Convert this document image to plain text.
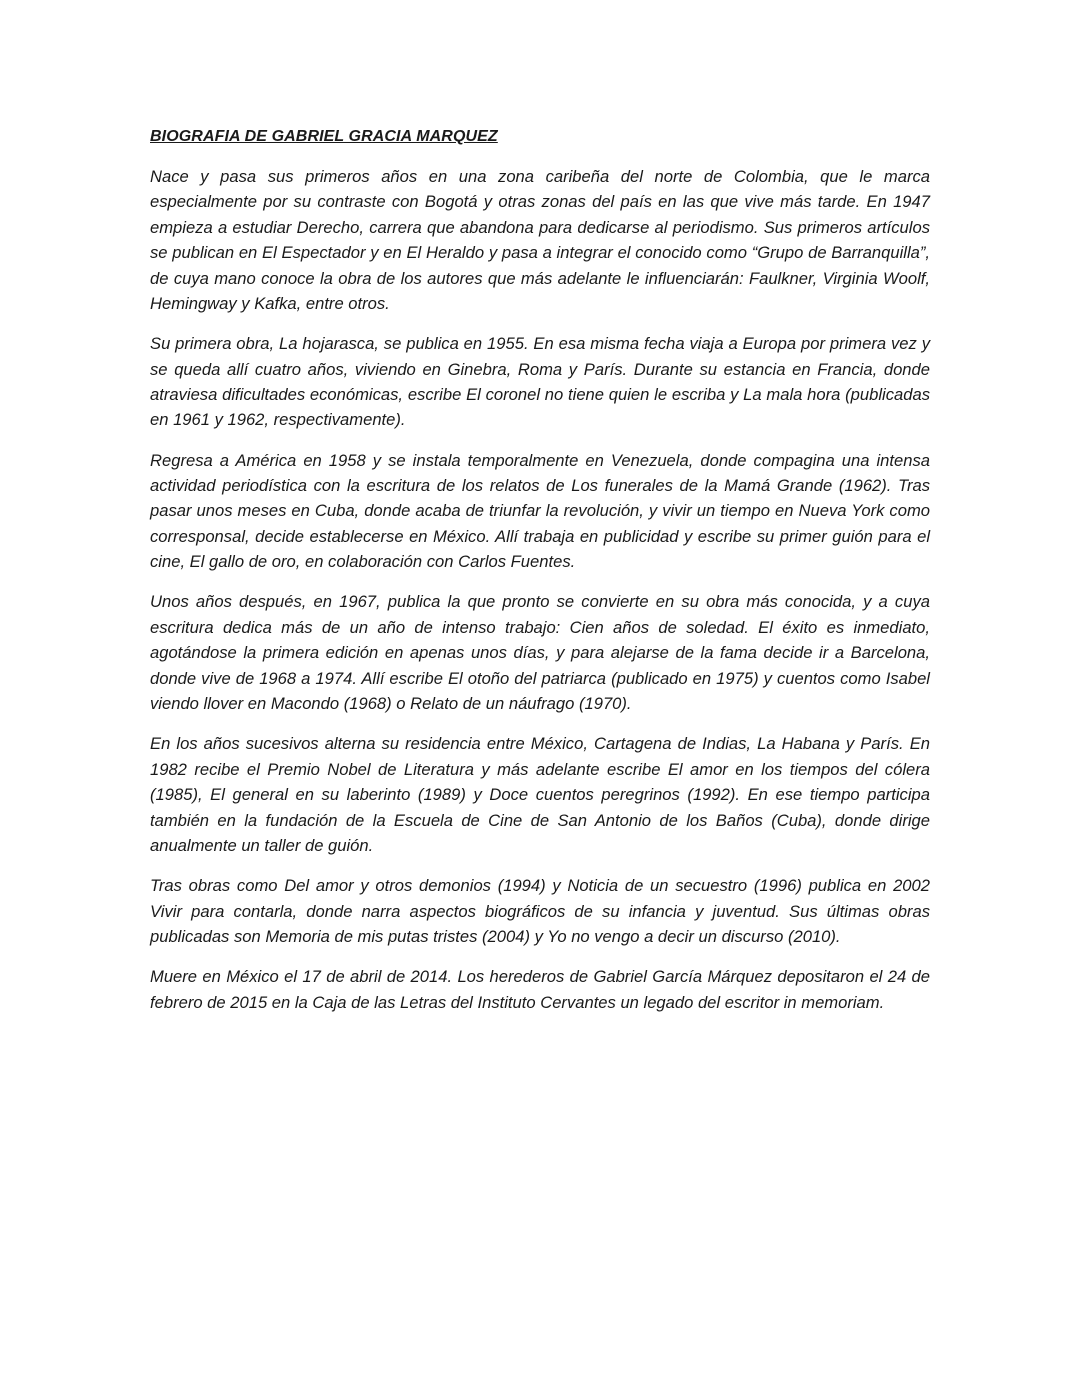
BIOGRAFIA DE GABRIEL GRACIA MARQUEZ

Nace y pasa sus primeros años en una zona caribeña del norte de Colombia, que le marca especialmente por su contraste con Bogotá y otras zonas del país en las que vive más tarde. En 1947 empieza a estudiar Derecho, carrera que abandona para dedicarse al periodismo. Sus primeros artículos se publican en El Espectador y en El Heraldo y pasa a integrar el conocido como “Grupo de Barranquilla”, de cuya mano conoce la obra de los autores que más adelante le influenciarán: Faulkner, Virginia Woolf, Hemingway y Kafka, entre otros.

Su primera obra, La hojarasca, se publica en 1955. En esa misma fecha viaja a Europa por primera vez y se queda allí cuatro años, viviendo en Ginebra, Roma y París. Durante su estancia en Francia, donde atraviesa dificultades económicas, escribe El coronel no tiene quien le escriba y La mala hora (publicadas en 1961 y 1962, respectivamente).

Regresa a América en 1958 y se instala temporalmente en Venezuela, donde compagina una intensa actividad periodística con la escritura de los relatos de Los funerales de la Mamá Grande (1962). Tras pasar unos meses en Cuba, donde acaba de triunfar la revolución, y vivir un tiempo en Nueva York como corresponsal, decide establecerse en México. Allí trabaja en publicidad y escribe su primer guión para el cine, El gallo de oro, en colaboración con Carlos Fuentes.

Unos años después, en 1967, publica la que pronto se convierte en su obra más conocida, y a cuya escritura dedica más de un año de intenso trabajo: Cien años de soledad. El éxito es inmediato, agotándose la primera edición en apenas unos días, y para alejarse de la fama decide ir a Barcelona, donde vive de 1968 a 1974. Allí escribe El otoño del patriarca (publicado en 1975) y cuentos como Isabel viendo llover en Macondo (1968) o Relato de un náufrago (1970).

En los años sucesivos alterna su residencia entre México, Cartagena de Indias, La Habana y París. En 1982 recibe el Premio Nobel de Literatura y más adelante escribe El amor en los tiempos del cólera (1985), El general en su laberinto (1989) y Doce cuentos peregrinos (1992). En ese tiempo participa también en la fundación de la Escuela de Cine de San Antonio de los Baños (Cuba), donde dirige anualmente un taller de guión.

Tras obras como Del amor y otros demonios (1994) y Noticia de un secuestro (1996) publica en 2002 Vivir para contarla, donde narra aspectos biográficos de su infancia y juventud. Sus últimas obras publicadas son Memoria de mis putas tristes (2004) y Yo no vengo a decir un discurso (2010).

Muere en México el 17 de abril de 2014. Los herederos de Gabriel García Márquez depositaron el 24 de febrero de 2015 en la Caja de las Letras del Instituto Cervantes un legado del escritor in memoriam.
